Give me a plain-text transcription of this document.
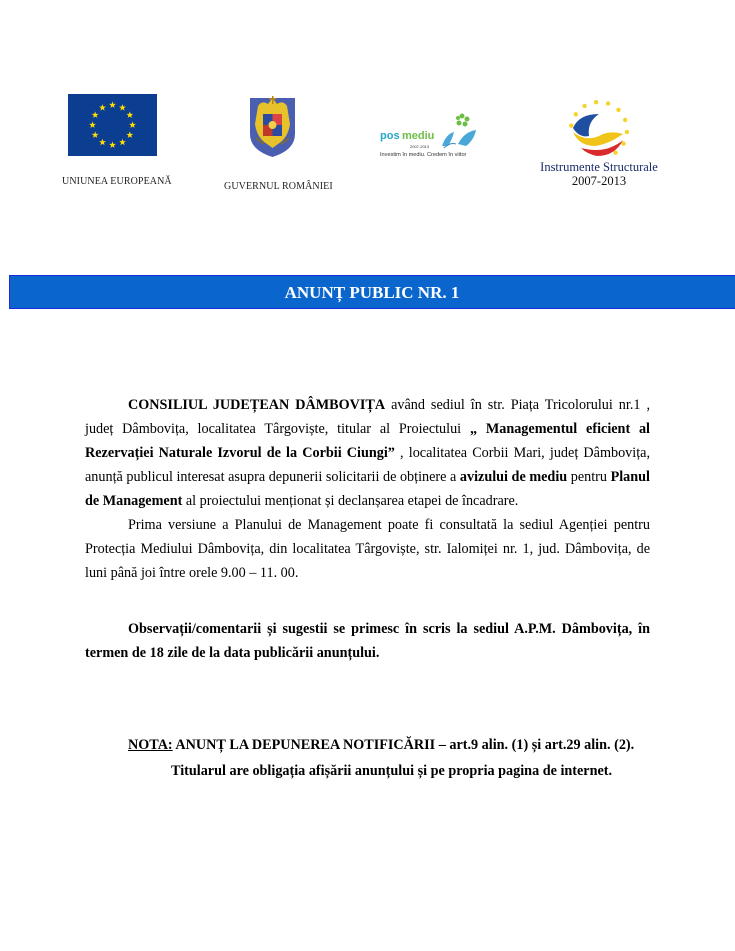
UNIUNEA EUROPEANĂ	GUVERNUL ROMÂNIEI
pos mediu
2007-2013
Investim în mediu. Credem în viitor
Instrumente Structurale
2007-2013
ANUNȚ PUBLIC NR. 1
CONSILIUL JUDEȚEAN DÂMBOVIȚA având sediul în str. Piața Tricolorului nr.1 , județ Dâmbovița, localitatea Târgoviște, titular al Proiectului „ Managementul eficient al Rezervației Naturale Izvorul de la Corbii Ciungi” , localitatea Corbii Mari, județ Dâmbovița, anunță publicul interesat asupra depunerii solicitarii de obținere a avizului de mediu pentru Planul de Management al proiectului menționat și declanșarea etapei de încadrare.
Prima versiune a Planului de Management poate fi consultată la sediul Agenției pentru Protecția Mediului Dâmbovița, din localitatea Târgoviște, str. Ialomiței nr. 1, jud. Dâmbovița, de luni până joi între orele 9.00 – 11. 00.
Observații/comentarii și sugestii se primesc în scris la sediul A.P.M. Dâmbovița, în termen de 18 zile de la data publicării anunțului.
NOTA: ANUNȚ LA DEPUNEREA NOTIFICĂRII – art.9 alin. (1) și art.29 alin. (2).
Titularul are obligația afișării anunțului și pe propria pagina de internet.
